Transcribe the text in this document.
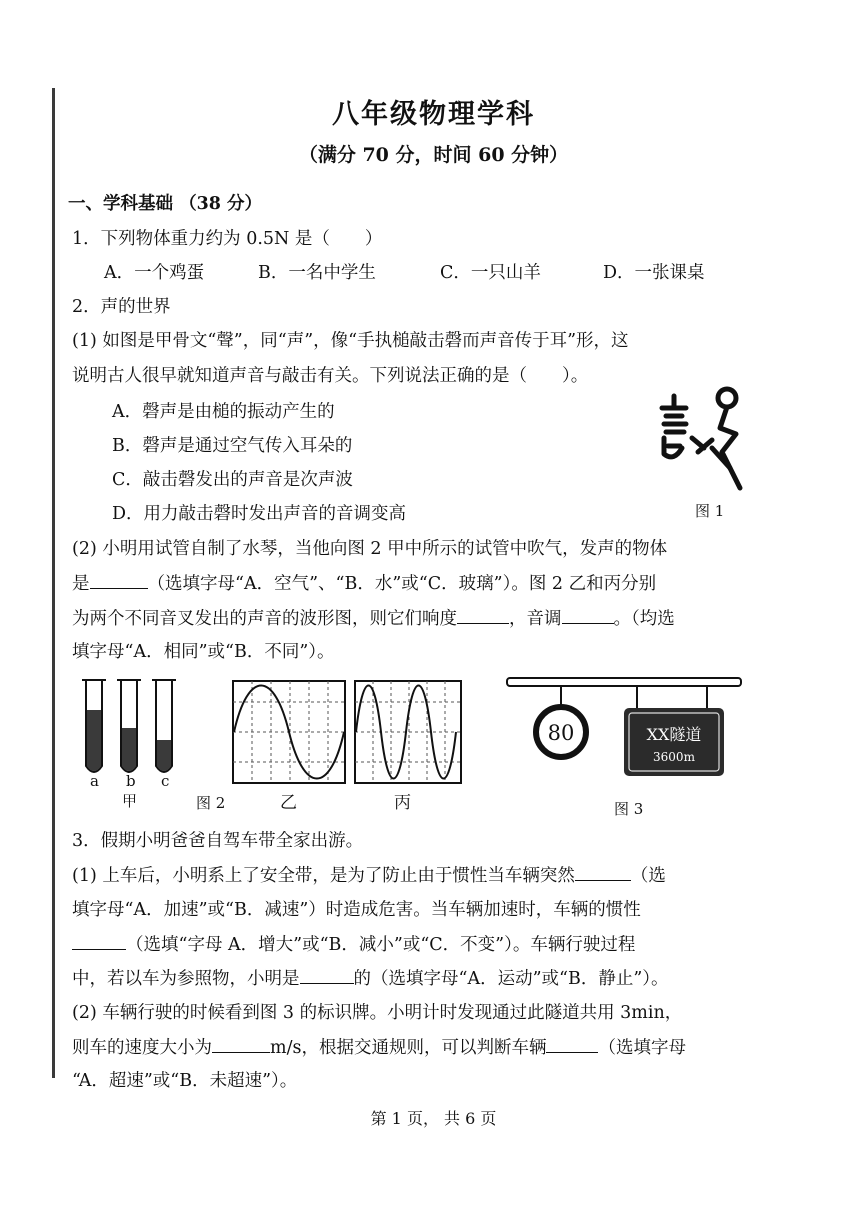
八年级物理学科
（满分 70 分，时间 60 分钟）
一、学科基础 （38 分）
1．下列物体重力约为 0.5N 是（　　）
A．一个鸡蛋	B．一名中学生	C．一只山羊	D．一张课桌
2．声的世界
(1) 如图是甲骨文“聲”，同“声”，像“手执槌敲击磬而声音传于耳”形，这
说明古人很早就知道声音与敲击有关。下列说法正确的是（　　）。
A．磬声是由槌的振动产生的
B．磬声是通过空气传入耳朵的
C．敲击磬发出的声音是次声波
D．用力敲击磬时发出声音的音调变高	图 1
(2) 小明用试管自制了水琴，当他向图 2 甲中所示的试管中吹气，发声的物体
是	（选填字母“A．空气”、“B．水”或“C．玻璃”）。图 2 乙和丙分别
为两个不同音叉发出的声音的波形图，则它们响度	，音调	。（均选
填字母“A．相同”或“B．不同”）。
a b c
甲	图 2	乙	丙
80	XX隧道
3600m
图 3
3．假期小明爸爸自驾车带全家出游。
(1) 上车后，小明系上了安全带，是为了防止由于惯性当车辆突然	（选
填字母“A．加速”或“B．减速”）时造成危害。当车辆加速时，车辆的惯性
（选填“字母 A．增大”或“B．减小”或“C．不变”）。车辆行驶过程
中，若以车为参照物，小明是	的（选填字母“A．运动”或“B．静止”）。
(2) 车辆行驶的时候看到图 3 的标识牌。小明计时发现通过此隧道共用 3min，
则车的速度大小为	m/s，根据交通规则，可以判断车辆	（选填字母
“A．超速”或“B．未超速”）。
第 1 页， 共 6 页
